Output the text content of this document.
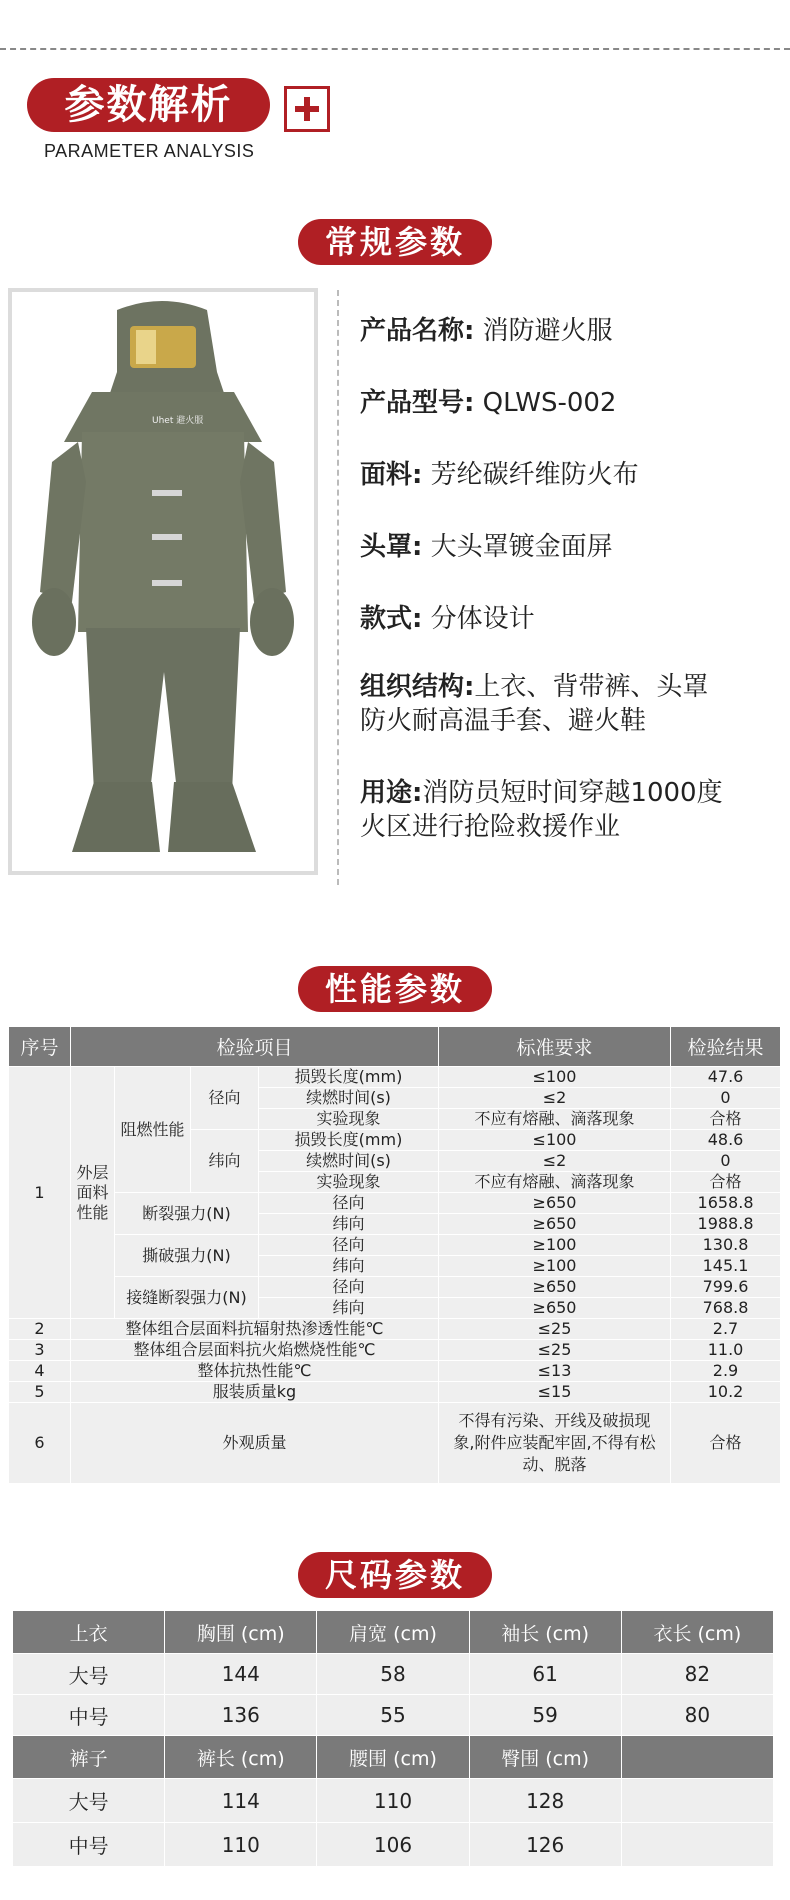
参数解析
PARAMETER ANALYSIS
常规参数
Uhet 避火服
产品名称: 消防避火服
产品型号: QLWS-002
面料: 芳纶碳纤维防火布
头罩: 大头罩镀金面屏
款式: 分体设计
组织结构:上衣、背带裤、头罩
防火耐高温手套、避火鞋
用途:消防员短时间穿越1000度
火区进行抢险救援作业
性能参数
序号	检验项目				标准要求	检验结果
1	外层面料性能	阻燃性能	径向	损毁长度(mm)	≤100	47.6
				续燃时间(s)	≤2	0
				实验现象	不应有熔融、滴落现象	合格
			纬向	损毁长度(mm)	≤100	48.6
				续燃时间(s)	≤2	0
				实验现象	不应有熔融、滴落现象	合格
		断裂强力(N)		径向	≥650	1658.8
				纬向	≥650	1988.8
		撕破强力(N)		径向	≥100	130.8
				纬向	≥100	145.1
		接缝断裂强力(N)		径向	≥650	799.6
				纬向	≥650	768.8
2	整体组合层面料抗辐射热渗透性能℃				≤25	2.7
3	整体组合层面料抗火焰燃烧性能℃				≤25	11.0
4	整体抗热性能℃				≤13	2.9
5	服装质量kg				≤15	10.2
6	外观质量				不得有污染、开线及破损现象,附件应装配牢固,不得有松动、脱落	合格
尺码参数
上衣	胸围 (cm)	肩宽 (cm)	袖长 (cm)	衣长 (cm)
大号	144	58	61	82
中号	136	55	59	80
裤子	裤长 (cm)	腰围 (cm)	臀围 (cm)	
大号	114	110	128	
中号	110	106	126	
shop33x4r...1688.com
